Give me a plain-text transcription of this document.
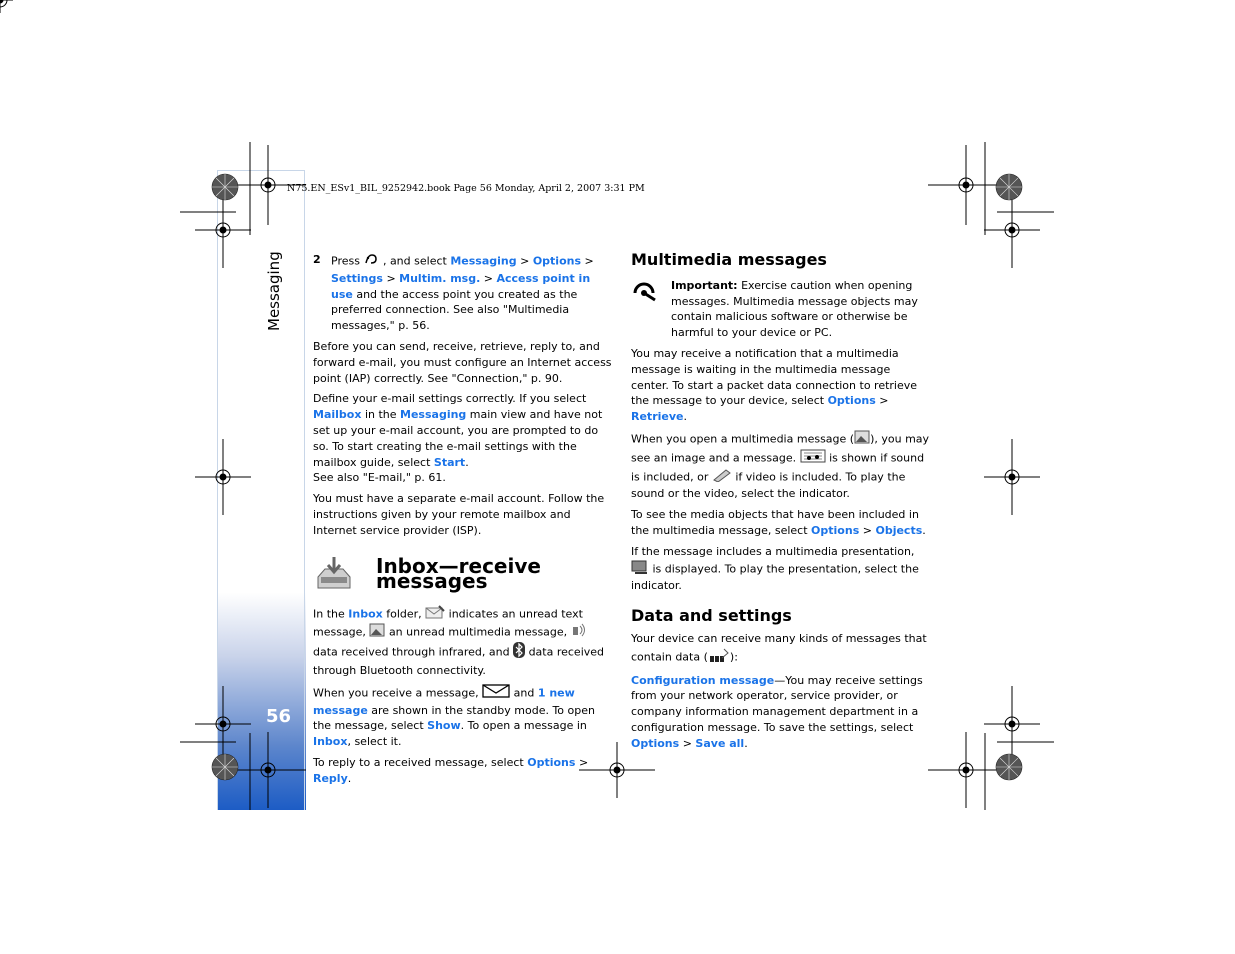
Messaging
56
N75.EN_ESv1_BIL_9252942.book Page 56 Monday, April 2, 2007 3:31 PM
2 Press , and select Messaging > Options > Settings > Multim. msg. > Access point in use and the access point you created as the preferred connection. See also "Multimedia messages," p. 56.

Before you can send, receive, retrieve, reply to, and forward e-mail, you must configure an Internet access point (IAP) correctly. See "Connection," p. 90.

Define your e-mail settings correctly. If you select Mailbox in the Messaging main view and have not set up your e-mail account, you are prompted to do so. To start creating the e-mail settings with the mailbox guide, select Start.
See also "E-mail," p. 61.

You must have a separate e-mail account. Follow the instructions given by your remote mailbox and Internet service provider (ISP).

Inbox—receive messages

In the Inbox folder, indicates an unread text message, an unread multimedia message,  data received through infrared, and data received through Bluetooth connectivity.

When you receive a message,	and 1 new message are shown in the standby mode. To open the message, select Show. To open a message in Inbox, select it.

To reply to a received message, select Options > Reply.

Multimedia messages
Important: Exercise caution when opening messages. Multimedia message objects may contain malicious software or otherwise be harmful to your device or PC.

You may receive a notification that a multimedia message is waiting in the multimedia message center. To start a packet data connection to retrieve the message to your device, select Options > Retrieve.

When you open a multimedia message ( ), you may see an image and a message.	is shown if sound is included, or if video is included. To play the sound or the video, select the indicator.

To see the media objects that have been included in the multimedia message, select Options > Objects.

If the message includes a multimedia presentation,  is displayed. To play the presentation, select the indicator.

Data and settings

Your device can receive many kinds of messages that contain data ( ):

Configuration message—You may receive settings from your network operator, service provider, or company information management department in a configuration message. To save the settings, select Options > Save all.
